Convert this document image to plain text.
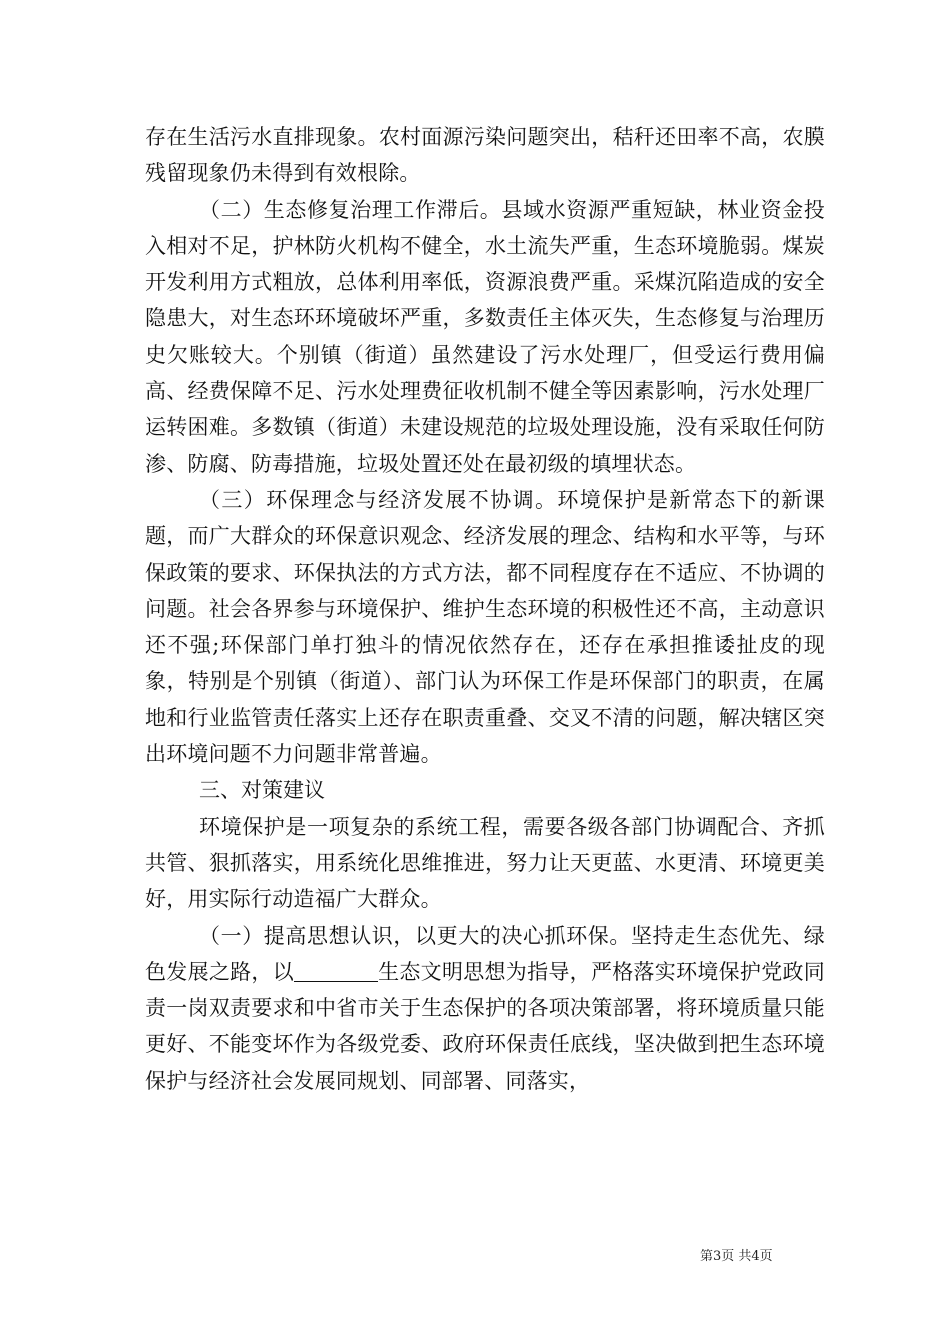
存在生活污水直排现象。农村面源污染问题突出，秸秆还田率不高，农膜残留现象仍未得到有效根除。

（二）生态修复治理工作滞后。县域水资源严重短缺，林业资金投入相对不足，护林防火机构不健全，水土流失严重，生态环境脆弱。煤炭开发利用方式粗放，总体利用率低，资源浪费严重。采煤沉陷造成的安全隐患大，对生态环环境破坏严重，多数责任主体灭失，生态修复与治理历史欠账较大。个别镇（街道）虽然建设了污水处理厂，但受运行费用偏高、经费保障不足、污水处理费征收机制不健全等因素影响，污水处理厂运转困难。多数镇（街道）未建设规范的垃圾处理设施，没有采取任何防渗、防腐、防毒措施，垃圾处置还处在最初级的填埋状态。

（三）环保理念与经济发展不协调。环境保护是新常态下的新课题，而广大群众的环保意识观念、经济发展的理念、结构和水平等，与环保政策的要求、环保执法的方式方法，都不同程度存在不适应、不协调的问题。社会各界参与环境保护、维护生态环境的积极性还不高，主动意识还不强;环保部门单打独斗的情况依然存在，还存在承担推诿扯皮的现象，特别是个别镇（街道）、部门认为环保工作是环保部门的职责，在属地和行业监管责任落实上还存在职责重叠、交叉不清的问题，解决辖区突出环境问题不力问题非常普遍。

三、对策建议

环境保护是一项复杂的系统工程，需要各级各部门协调配合、齐抓共管、狠抓落实，用系统化思维推进，努力让天更蓝、水更清、环境更美好，用实际行动造福广大群众。

（一）提高思想认识，以更大的决心抓环保。坚持走生态优先、绿色发展之路，以	生态文明思想为指导，严格落实环境保护党政同责一岗双责要求和中省市关于生态保护的各项决策部署，将环境质量只能更好、不能变坏作为各级党委、政府环保责任底线，坚决做到把生态环境保护与经济社会发展同规划、同部署、同落实，

第3页 共4页
